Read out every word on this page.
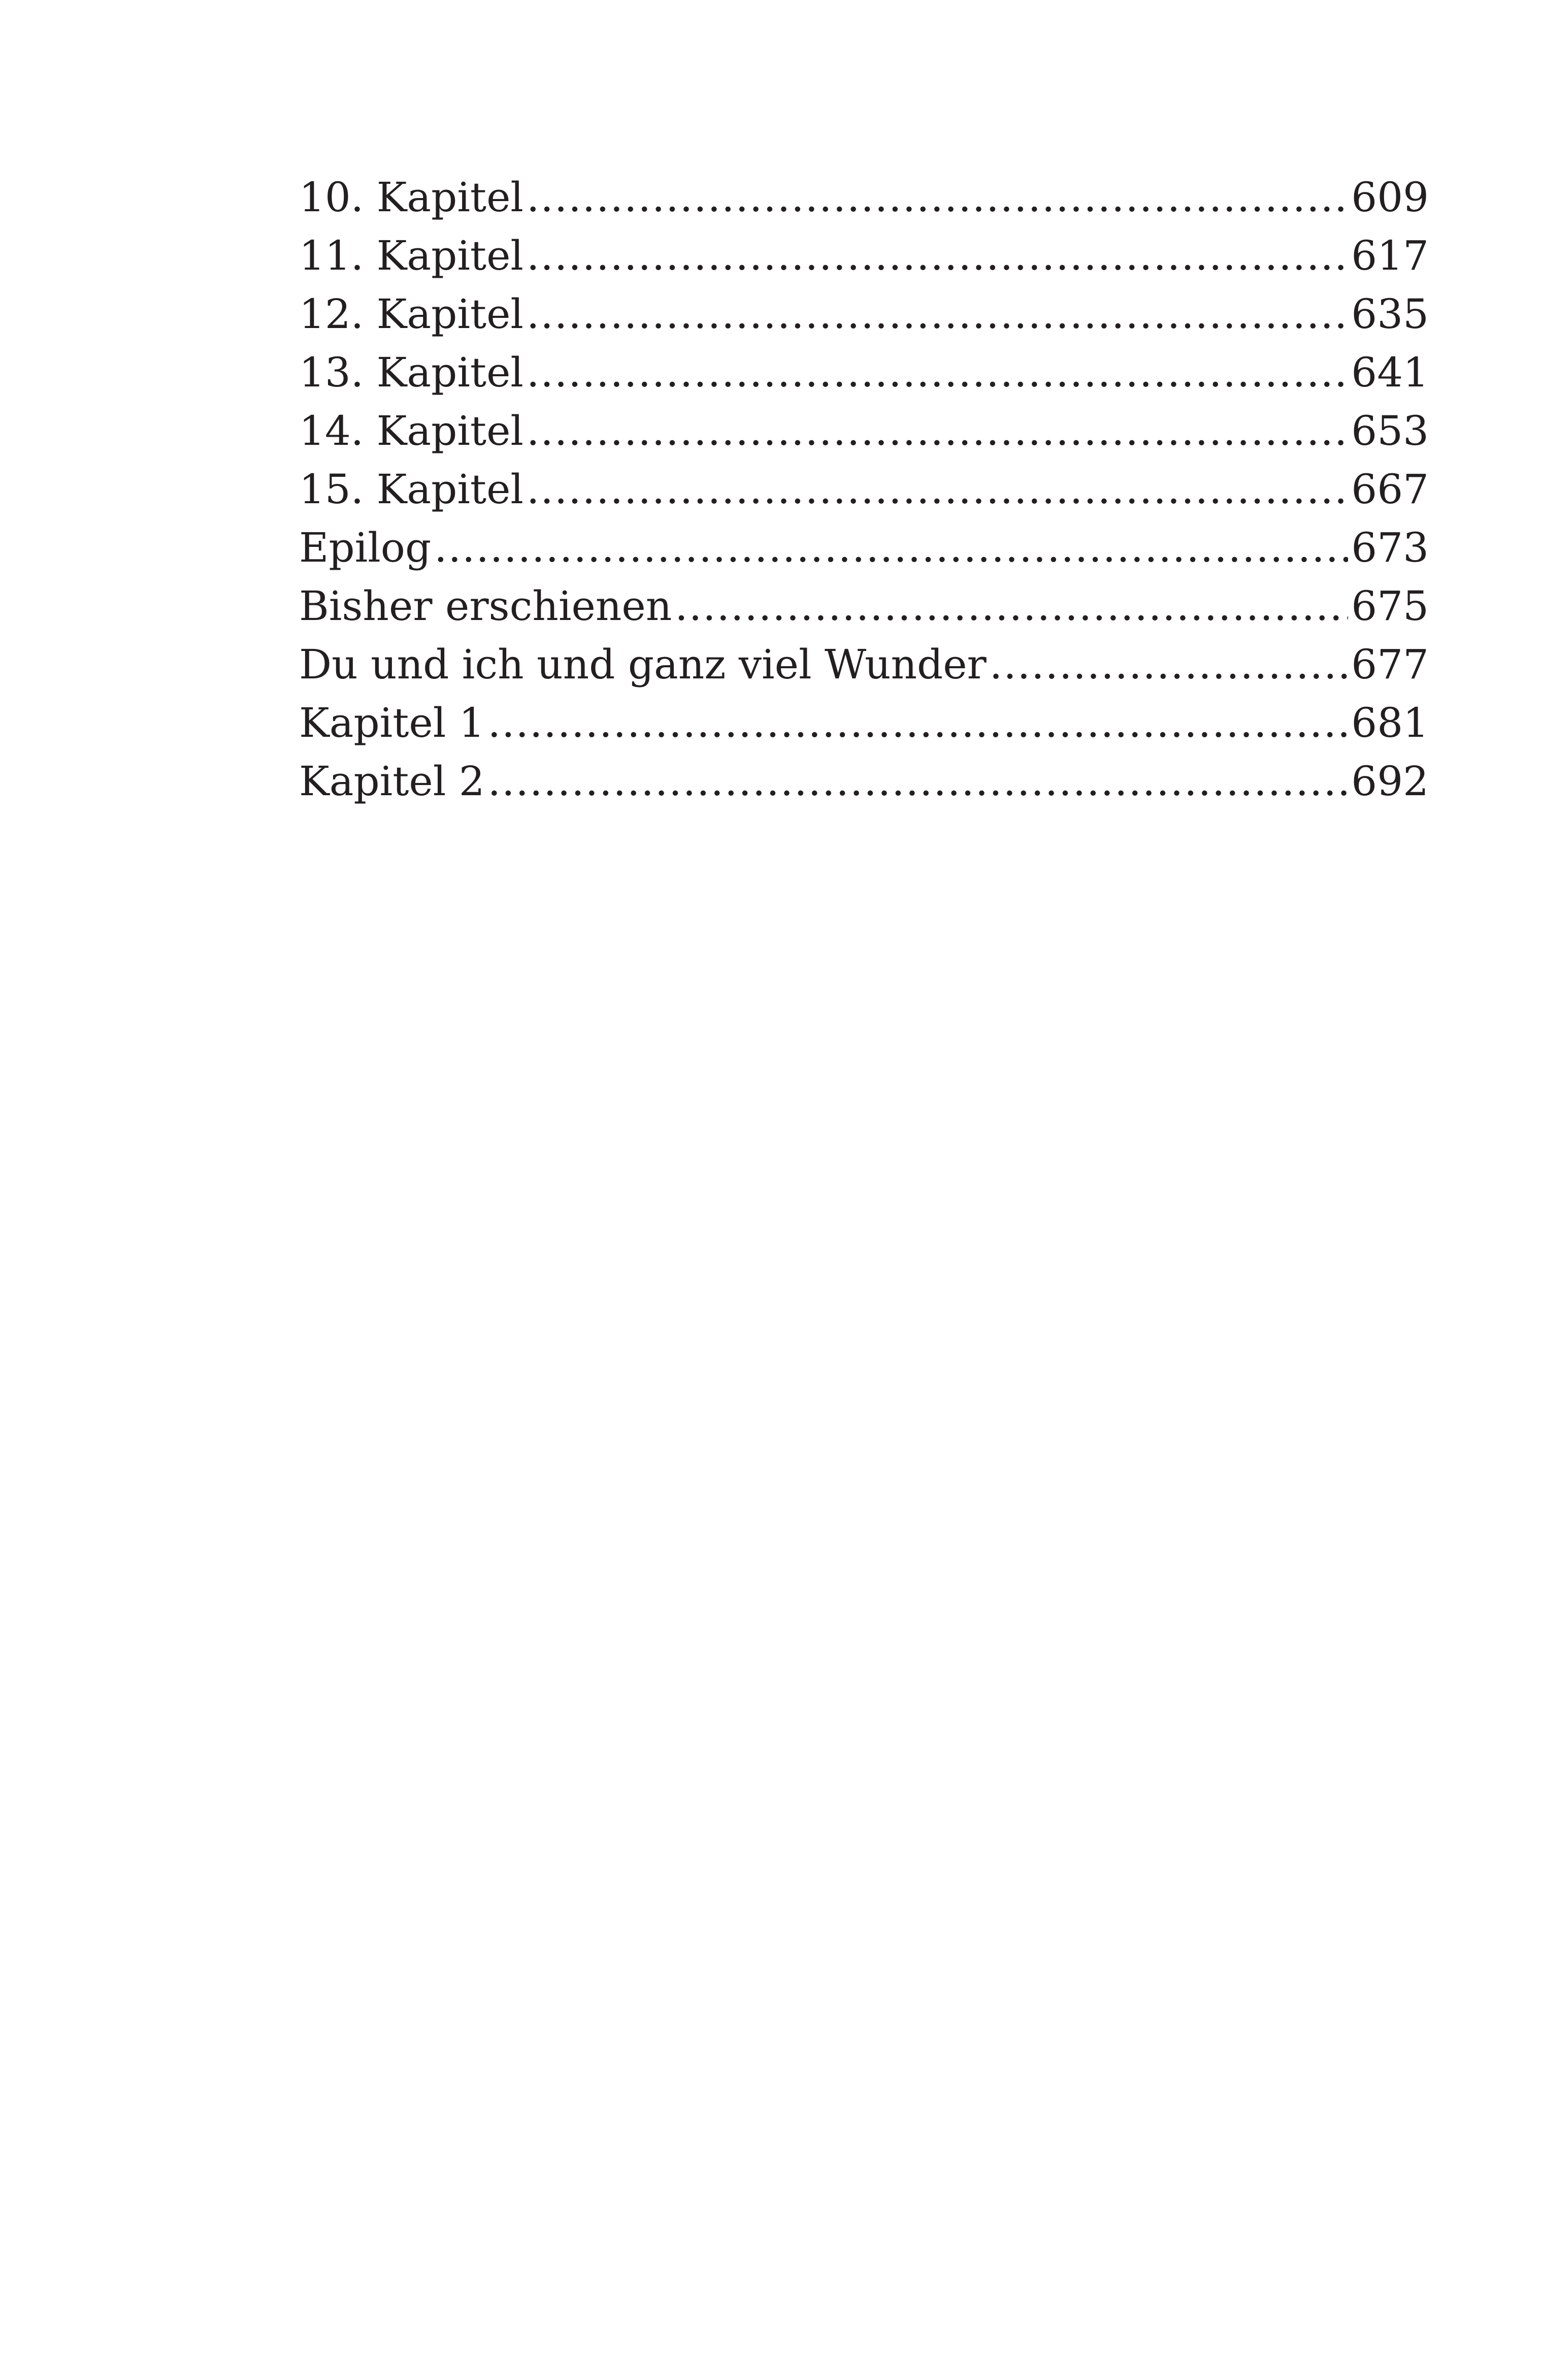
10. Kapitel .....	609
11. Kapitel .....	617
12. Kapitel .....	635
13. Kapitel .....	641
14. Kapitel .....	653
15. Kapitel .....	667
Epilog .....	673
Bisher erschienen .....	675
Du und ich und ganz viel Wunder .....	677
Kapitel 1 .....	681
Kapitel 2 .....	692
